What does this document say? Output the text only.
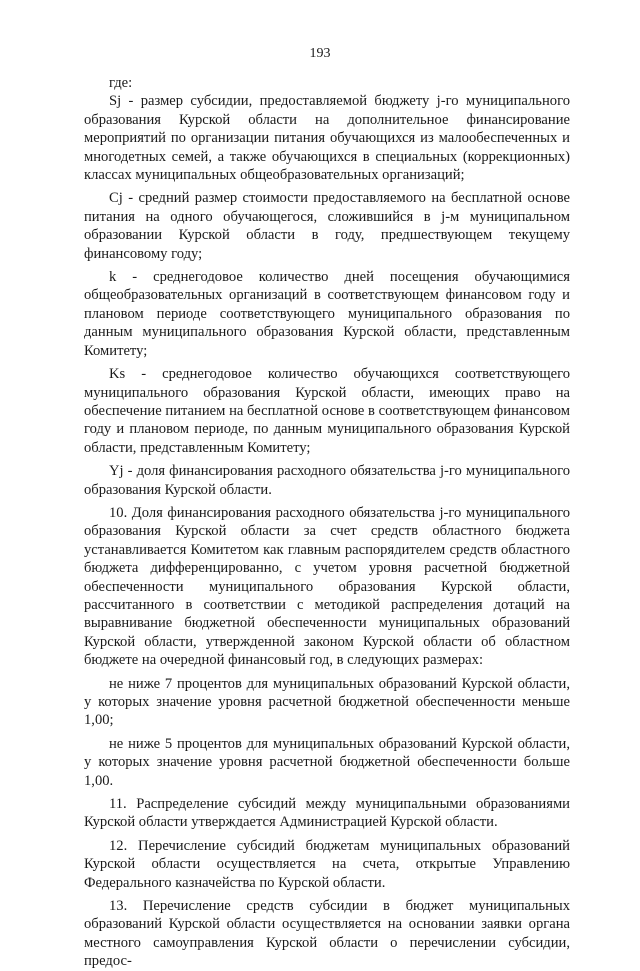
193

где:

Sj - размер субсидии, предоставляемой бюджету j-го муниципального образования Курской области на дополнительное финансирование мероприятий по организации питания обучающихся из малообеспеченных и многодетных семей, а также обучающихся в специальных (коррекционных) классах муниципальных общеобразовательных организаций;

Cj - средний размер стоимости предоставляемого на бесплатной основе питания на одного обучающегося, сложившийся в j-м муниципальном образовании Курской области в году, предшествующем текущему финансовому году;

k - среднегодовое количество дней посещения обучающимися общеобразовательных организаций в соответствующем финансовом году и плановом периоде соответствующего муниципального образования по данным муниципального образования Курской области, представленным Комитету;

Ks - среднегодовое количество обучающихся соответствующего муниципального образования Курской области, имеющих право на обеспечение питанием на бесплатной основе в соответствующем финансовом году и плановом периоде, по данным муниципального образования Курской области, представленным Комитету;

Yj - доля финансирования расходного обязательства j-го муниципального образования Курской области.

10. Доля финансирования расходного обязательства j-го муниципального образования Курской области за счет средств областного бюджета устанавливается Комитетом как главным распорядителем средств областного бюджета дифференцированно, с учетом уровня расчетной бюджетной обеспеченности муниципального образования Курской области, рассчитанного в соответствии с методикой распределения дотаций на выравнивание бюджетной обеспеченности муниципальных образований Курской области, утвержденной законом Курской области об областном бюджете на очередной финансовый год, в следующих размерах:

не ниже 7 процентов для муниципальных образований Курской области, у которых значение уровня расчетной бюджетной обеспеченности меньше 1,00;

не ниже 5 процентов для муниципальных образований Курской области, у которых значение уровня расчетной бюджетной обеспеченности больше 1,00.

11. Распределение субсидий между муниципальными образованиями Курской области утверждается Администрацией Курской области.

12. Перечисление субсидий бюджетам муниципальных образований Курской области осуществляется на счета, открытые Управлению Федерального казначейства по Курской области.

13. Перечисление средств субсидии в бюджет муниципальных образований Курской области осуществляется на основании заявки органа местного самоуправления Курской области о перечислении субсидии, предос-
